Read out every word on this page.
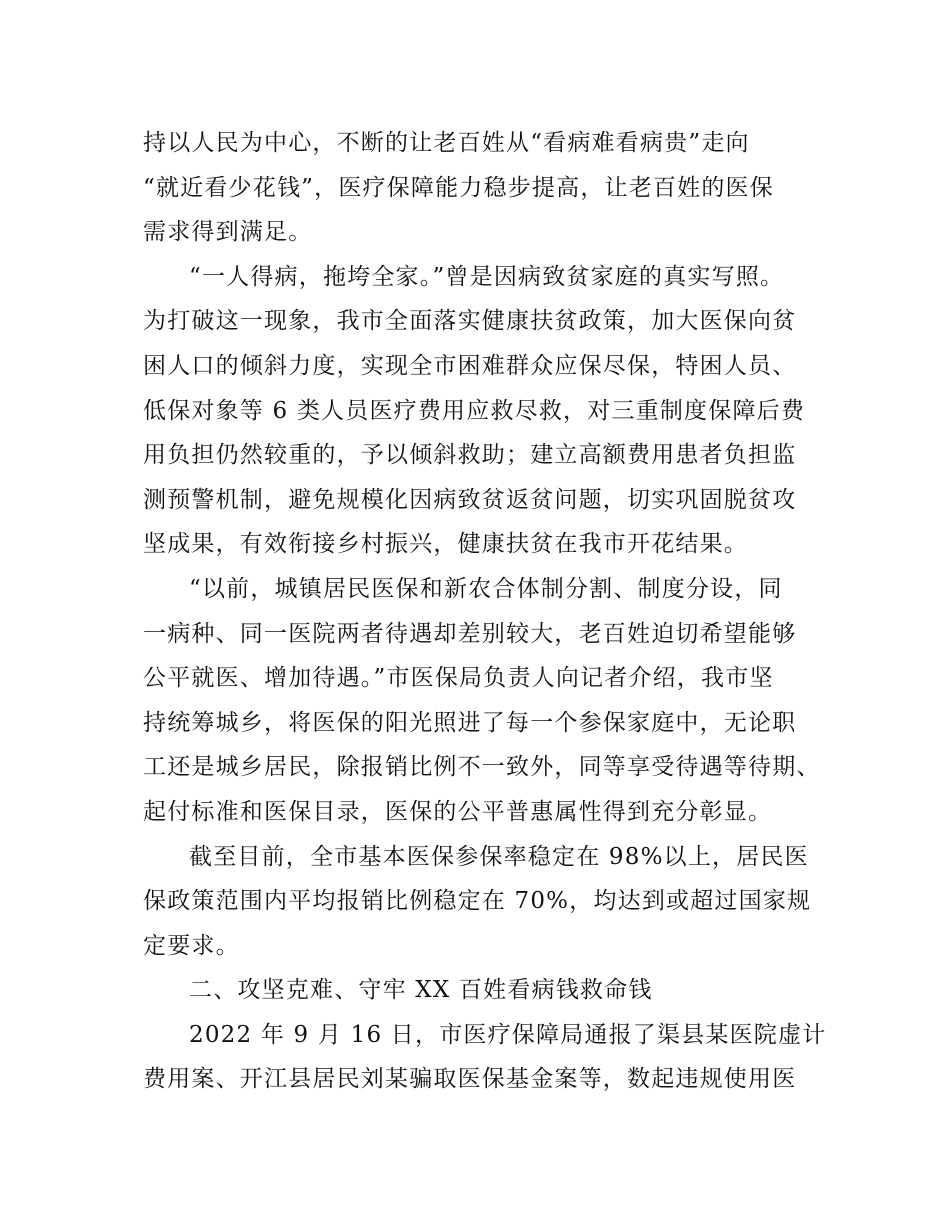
持以人民为中心，不断的让老百姓从“看病难看病贵”走向
“就近看少花钱”，医疗保障能力稳步提高，让老百姓的医保
需求得到满足。

“一人得病，拖垮全家。”曾是因病致贫家庭的真实写照。
为打破这一现象，我市全面落实健康扶贫政策，加大医保向贫
困人口的倾斜力度，实现全市困难群众应保尽保，特困人员、
低保对象等 6 类人员医疗费用应救尽救，对三重制度保障后费
用负担仍然较重的，予以倾斜救助；建立高额费用患者负担监
测预警机制，避免规模化因病致贫返贫问题，切实巩固脱贫攻
坚成果，有效衔接乡村振兴，健康扶贫在我市开花结果。

“以前，城镇居民医保和新农合体制分割、制度分设，同
一病种、同一医院两者待遇却差别较大，老百姓迫切希望能够
公平就医、增加待遇。”市医保局负责人向记者介绍，我市坚
持统筹城乡，将医保的阳光照进了每一个参保家庭中，无论职
工还是城乡居民，除报销比例不一致外，同等享受待遇等待期、
起付标准和医保目录，医保的公平普惠属性得到充分彰显。

截至目前，全市基本医保参保率稳定在 98%以上，居民医
保政策范围内平均报销比例稳定在 70%，均达到或超过国家规
定要求。

二、攻坚克难、守牢 XX 百姓看病钱救命钱

2022 年 9 月 16 日，市医疗保障局通报了渠县某医院虚计
费用案、开江县居民刘某骗取医保基金案等，数起违规使用医
